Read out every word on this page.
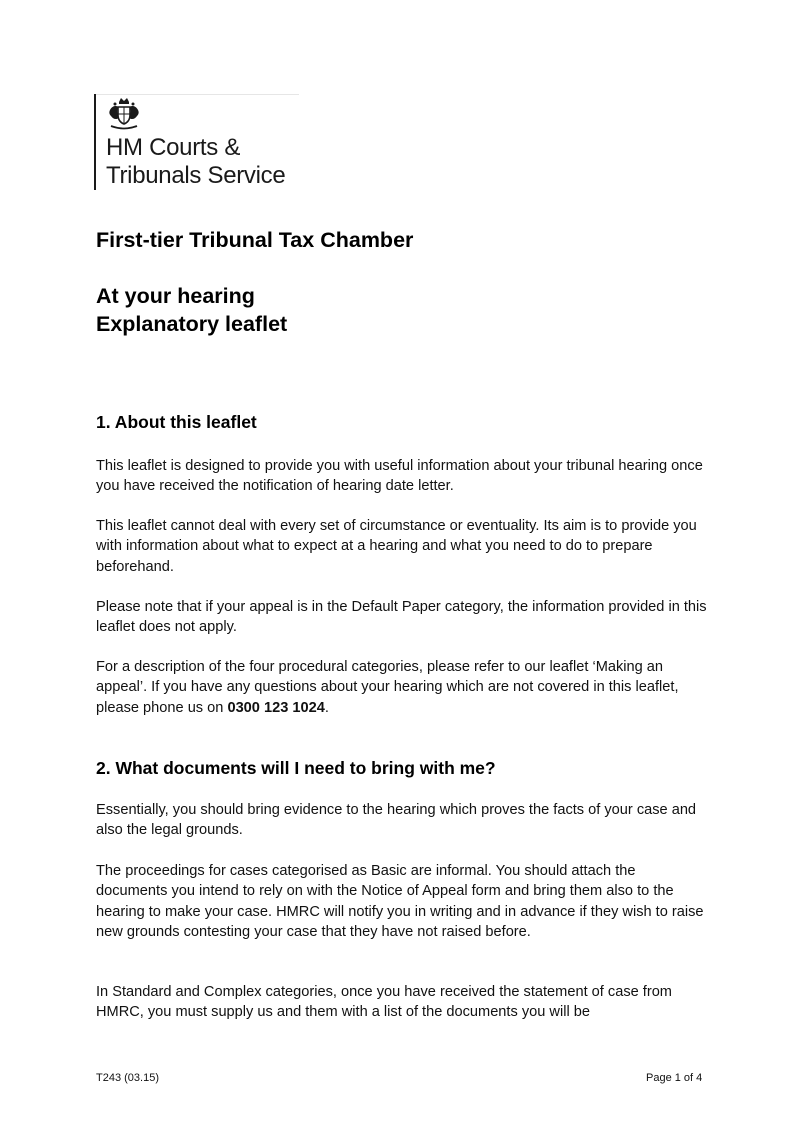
HM Courts &
Tribunals Service
First-tier Tribunal Tax Chamber
At your hearing
Explanatory leaflet
1. About this leaflet

This leaflet is designed to provide you with useful information about your tribunal hearing once you have received the notification of hearing date letter.

This leaflet cannot deal with every set of circumstance or eventuality. Its aim is to provide you with information about what to expect at a hearing and what you need to do to prepare beforehand.

Please note that if your appeal is in the Default Paper category, the information provided in this leaflet does not apply.

For a description of the four procedural categories, please refer to our leaflet ‘Making an appeal’. If you have any questions about your hearing which are not covered in this leaflet, please phone us on 0300 123 1024.

2. What documents will I need to bring with me?

Essentially, you should bring evidence to the hearing which proves the facts of your case and also the legal grounds.

The proceedings for cases categorised as Basic are informal. You should attach the documents you intend to rely on with the Notice of Appeal form and bring them also to the hearing to make your case. HMRC will notify you in writing and in advance if they wish to raise new grounds contesting your case that they have not raised before.

In Standard and Complex categories, once you have received the statement of case from HMRC, you must supply us and them with a list of the documents you will be

T243 (03.15)	Page 1 of 4
